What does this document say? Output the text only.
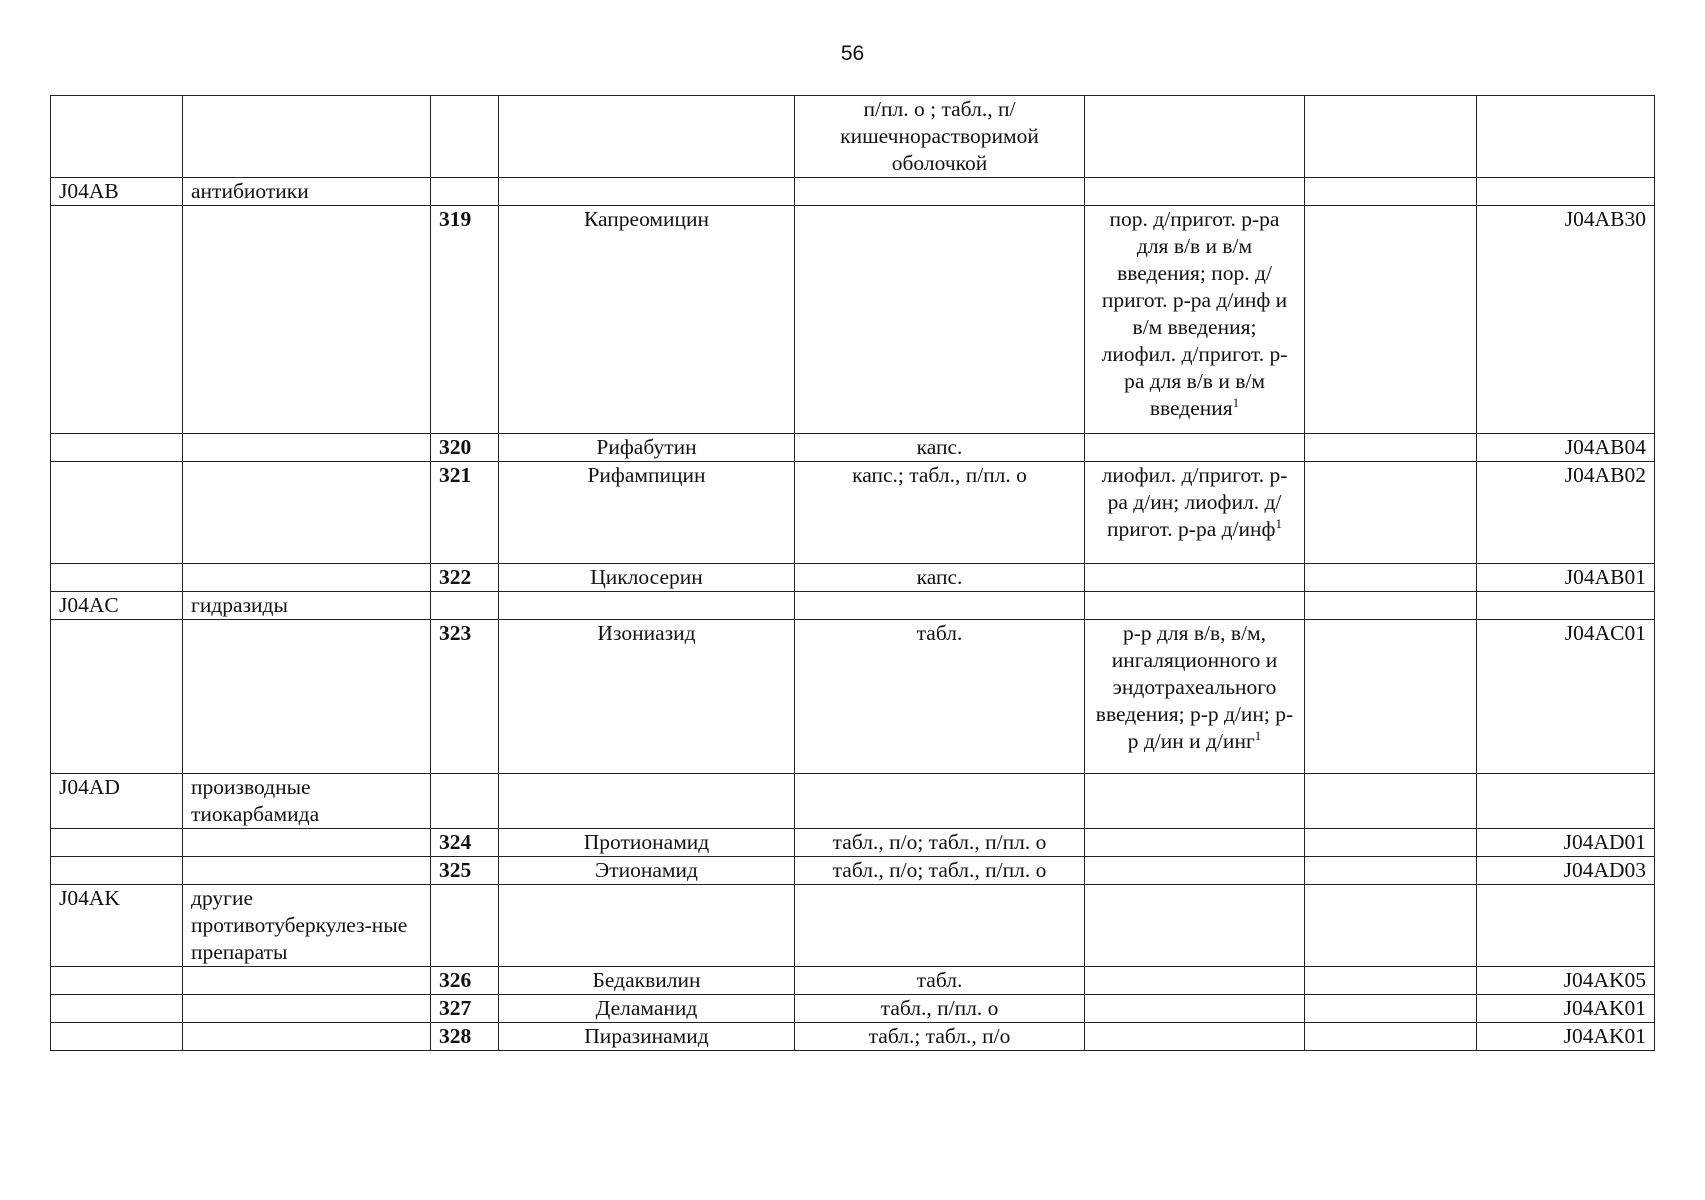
56
				п/пл. о ; табл., п/кишечнорастворимой оболочкой			
J04AB	антибиотики						
		319	Капреомицин		пор. д/пригот. р-ра для в/в и в/м введения; пор. д/пригот. р-ра д/инф и в/м введения; лиофил. д/пригот. р-ра для в/в и в/м введения$^1$		J04AB30
		320	Рифабутин	капс.			J04AB04
		321	Рифампицин	капс.; табл., п/пл. о	лиофил. д/пригот. р-ра д/ин; лиофил. д/пригот. р-ра д/инф$^1$		J04AB02
		322	Циклосерин	капс.			J04AB01
J04AC	гидразиды						
		323	Изониазид	табл.	р-р для в/в, в/м, ингаляционного и эндотрахеального введения; р-р д/ин; р-р д/ин и д/инг$^1$		J04AC01
J04AD	производные тиокарбамида						
		324	Протионамид	табл., п/о; табл., п/пл. о			J04AD01
		325	Этионамид	табл., п/о; табл., п/пл. о			J04AD03
J04AK	другие противотуберкулез-ные препараты						
		326	Бедаквилин	табл.			J04AK05
		327	Деламанид	табл., п/пл. о			J04AK01
		328	Пиразинамид	табл.; табл., п/о			J04AK01
